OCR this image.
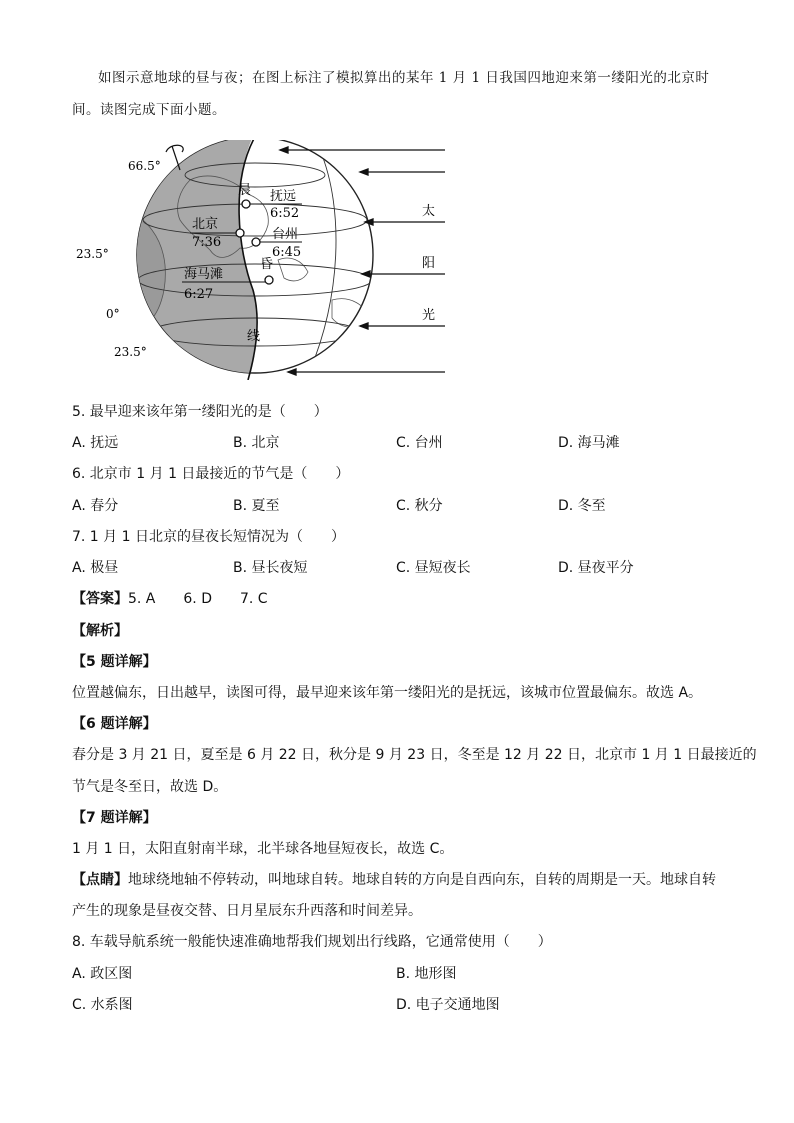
如图示意地球的昼与夜；在图上标注了模拟算出的某年 1 月 1 日我国四地迎来第一缕阳光的北京时
间。读图完成下面小题。
66.5°
23.5°
0°
23.5°
晨
昏
线
抚远
6:52
北京
7:36
台州
6:45
海马滩
6:27
太
阳
光
5. 最早迎来该年第一缕阳光的是（　　）
A. 抚远	B. 北京	C. 台州	D. 海马滩
6. 北京市 1 月 1 日最接近的节气是（　　）
A. 春分	B. 夏至	C. 秋分	D. 冬至
7. 1 月 1 日北京的昼夜长短情况为（　　）
A. 极昼	B. 昼长夜短	C. 昼短夜长	D. 昼夜平分
【答案】5. A　　6. D　　7. C
【解析】
【5 题详解】
位置越偏东，日出越早，读图可得，最早迎来该年第一缕阳光的是抚远，该城市位置最偏东。故选 A。
【6 题详解】
春分是 3 月 21 日，夏至是 6 月 22 日，秋分是 9 月 23 日，冬至是 12 月 22 日，北京市 1 月 1 日最接近的
节气是冬至日，故选 D。
【7 题详解】
1 月 1 日，太阳直射南半球，北半球各地昼短夜长，故选 C。
【点睛】地球绕地轴不停转动，叫地球自转。地球自转的方向是自西向东，自转的周期是一天。地球自转
产生的现象是昼夜交替、日月星辰东升西落和时间差异。
8. 车载导航系统一般能快速准确地帮我们规划出行线路，它通常使用（　　）
A. 政区图	B. 地形图
C. 水系图	D. 电子交通地图
